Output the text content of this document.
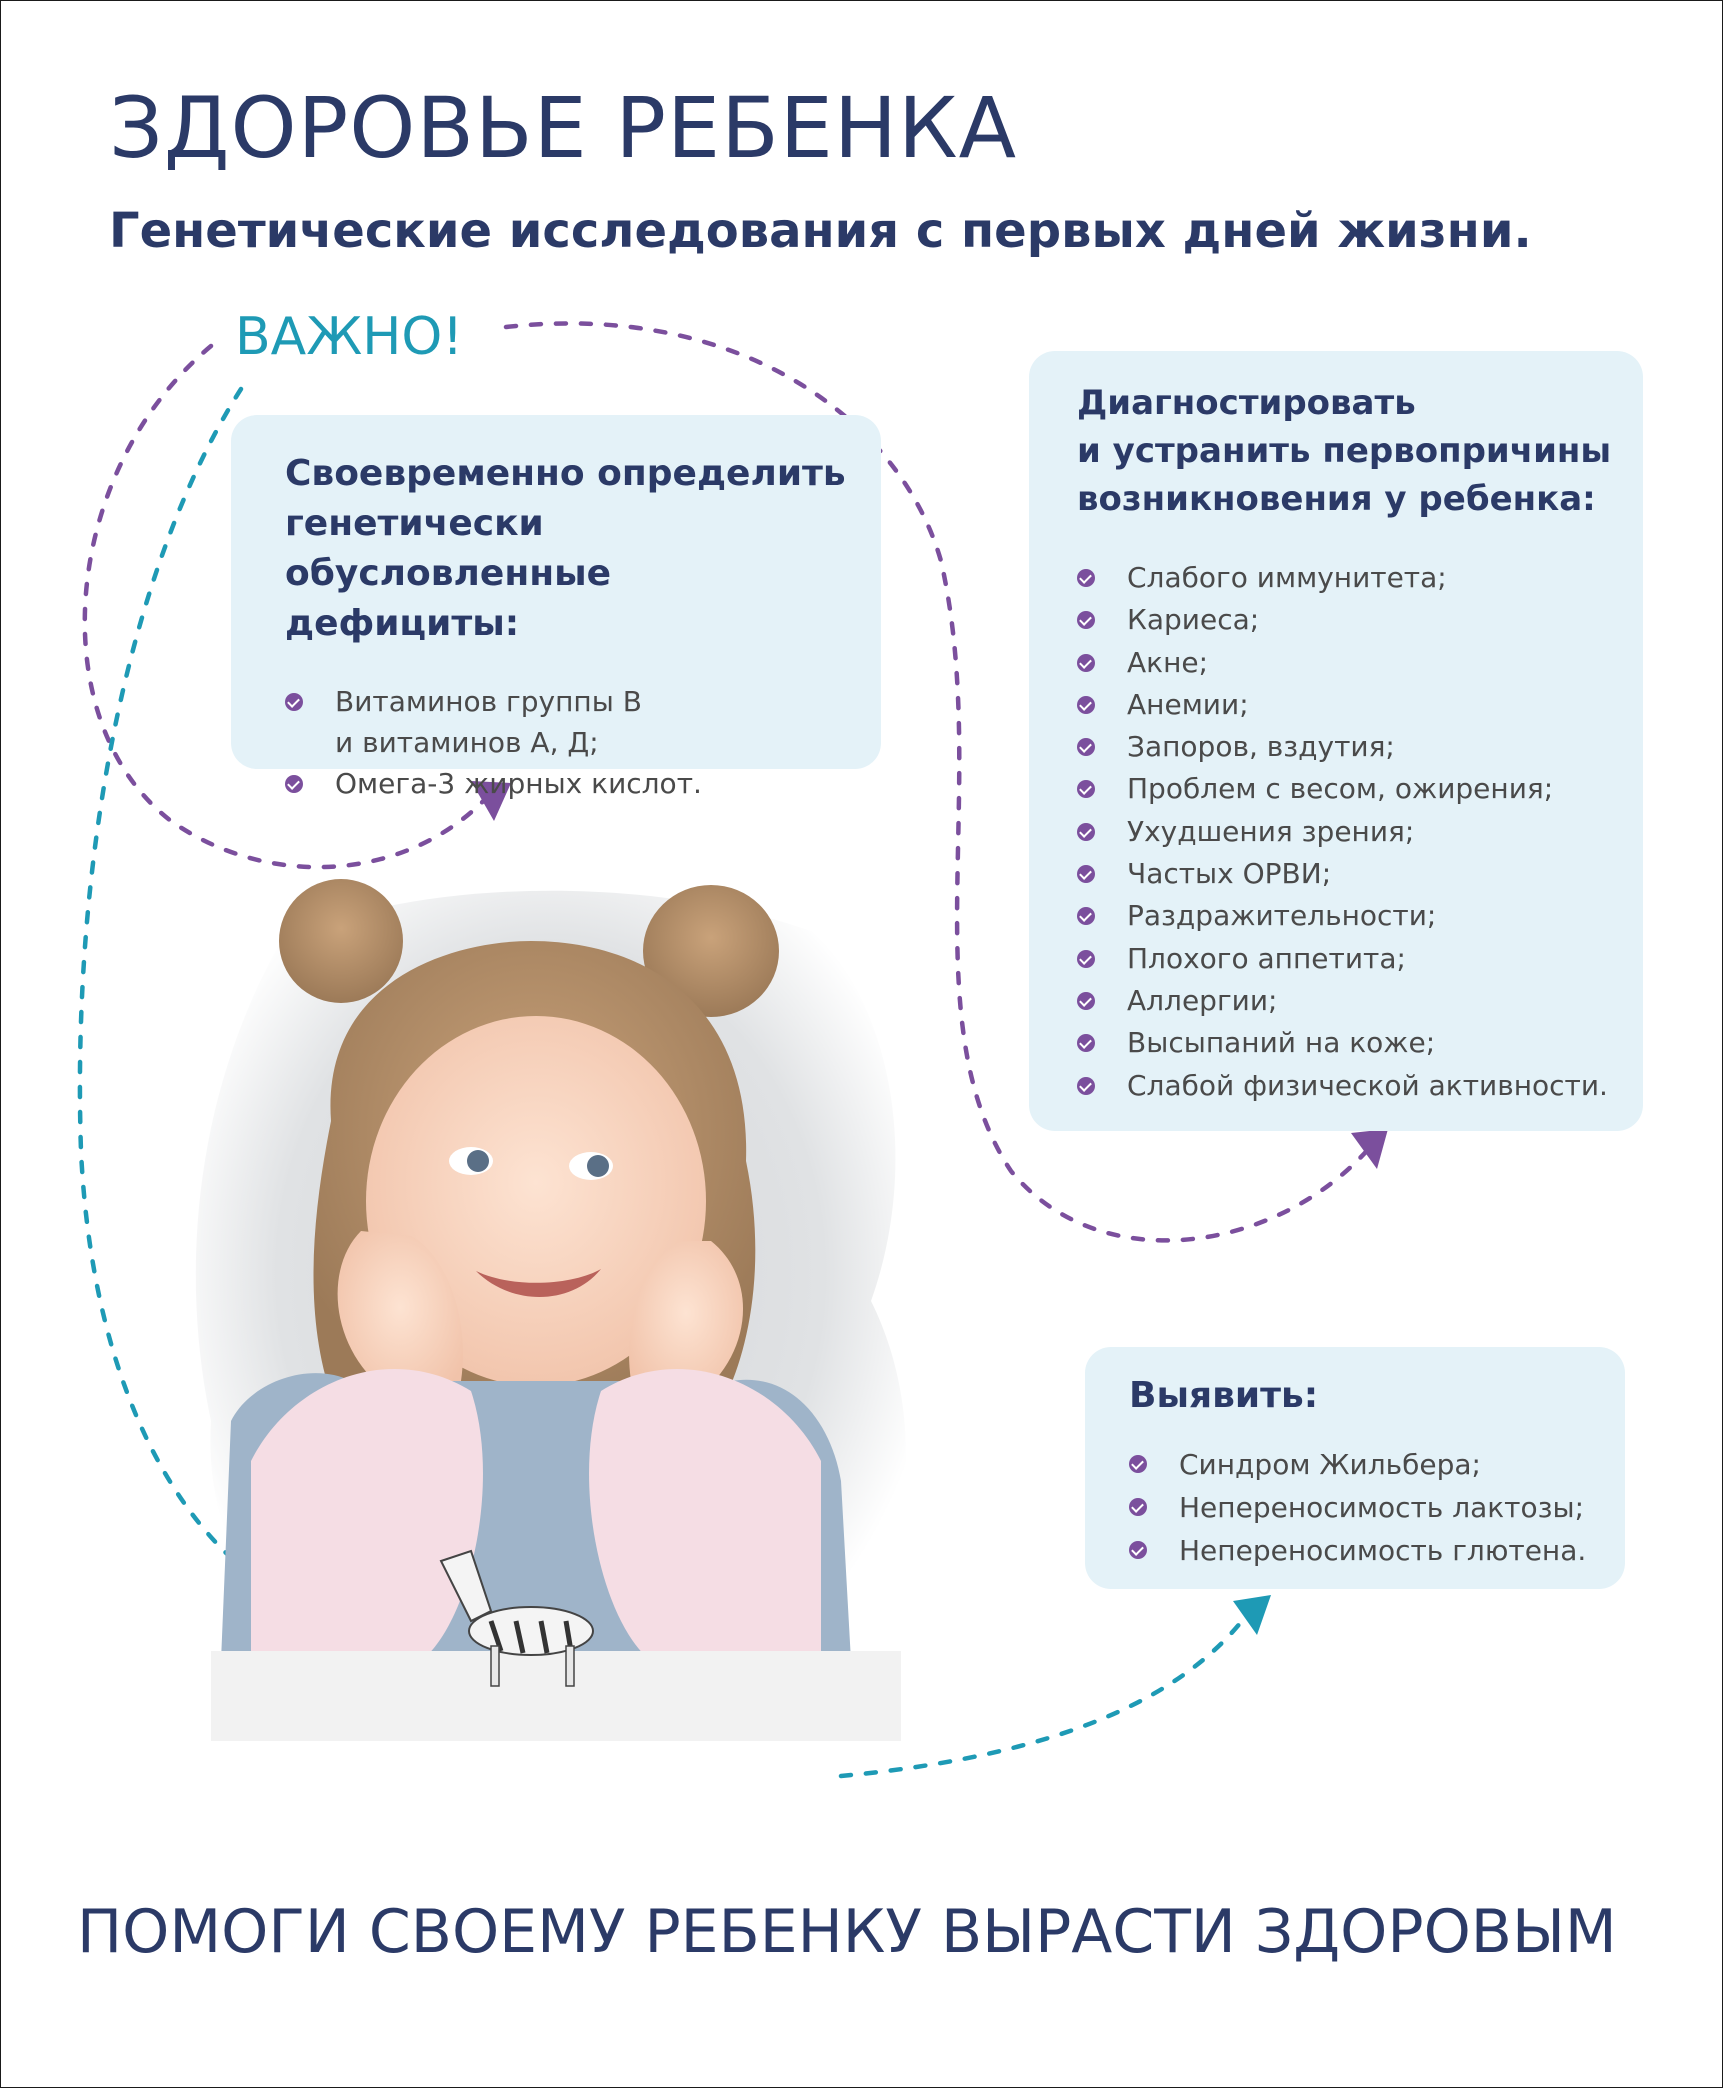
ЗДОРОВЬЕ РЕБЕНКА
Генетические исследования с первых дней жизни.
ВАЖНО!

Своевременно определить
генетически обусловленные
дефициты:

Витаминов группы В
и витаминов А, Д;
Омега-3 жирных кислот.

Диагностировать
и устранить первопричины
возникновения у ребенка:

Слабого иммунитета;
Кариеса;
Акне;
Анемии;
Запоров, вздутия;
Проблем с весом, ожирения;
Ухудшения зрения;
Частых ОРВИ;
Раздражительности;
Плохого аппетита;
Аллергии;
Высыпаний на коже;
Слабой физической активности.

Выявить:

Синдром Жильбера;
Непереносимость лактозы;
Непереносимость глютена.
ПОМОГИ СВОЕМУ РЕБЕНКУ ВЫРАСТИ ЗДОРОВЫМ
